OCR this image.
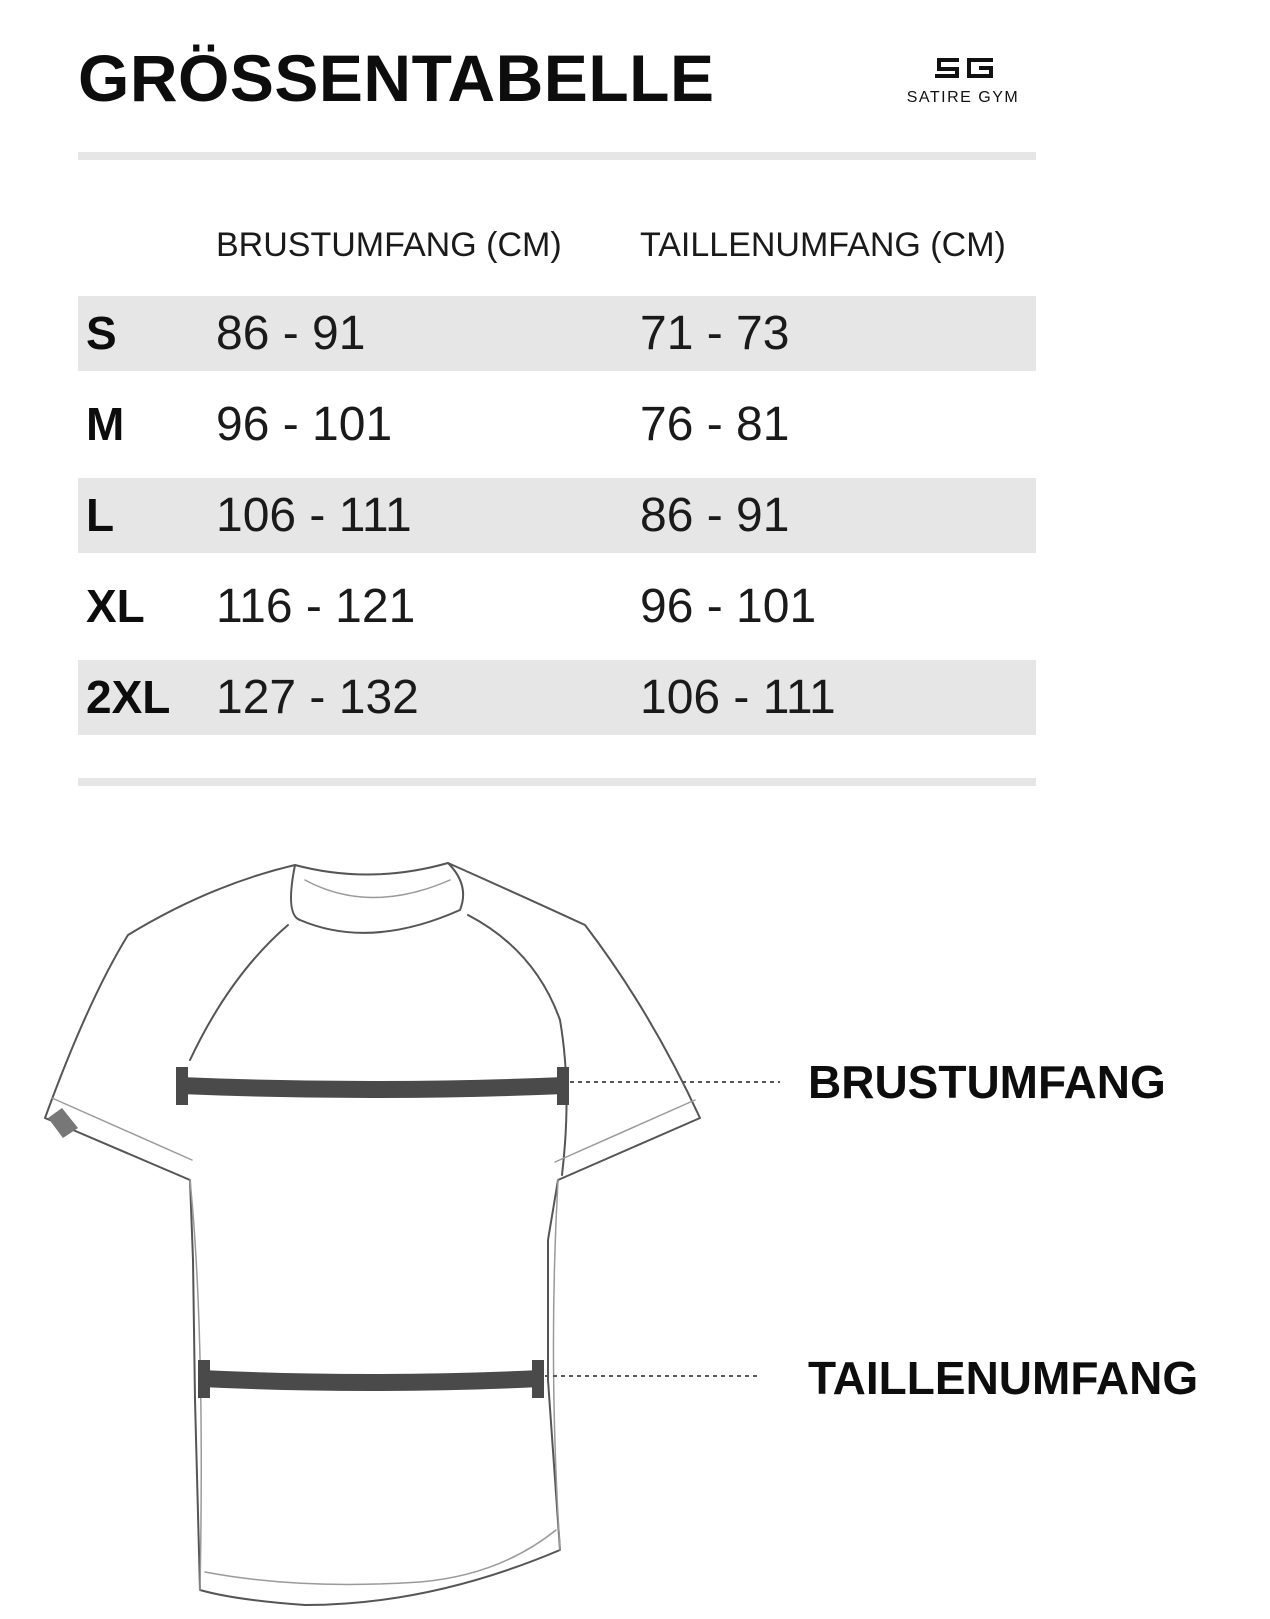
GRÖSSENTABELLE	SATIRE GYM
BRUSTUMFANG (CM) TAILLENUMFANG (CM)
S 86 - 91	71 - 73
M 96 - 101	76 - 81
L 106 - 111	86 - 91
XL 116 - 121	96 - 101
2XL 127 - 132	106 - 111
BRUSTUMFANG
TAILLENUMFANG
